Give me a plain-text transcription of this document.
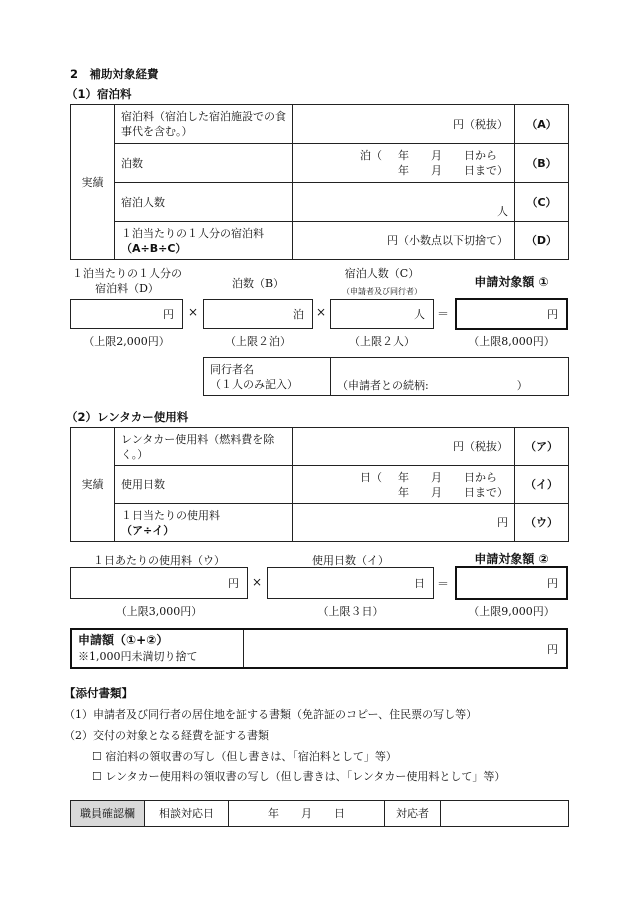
2　補助対象経費
（1）宿泊料
実績	宿泊料（宿泊した宿泊施設での食事代を含む。）	円（税抜）	（A）
	泊数	泊（ 年　　月　　日から
年　　月　　日まで）	（B）
	宿泊人数	人	（C）

	１泊当たりの１人分の宿泊料
（A÷B÷C）	円（小数点以下切捨て）	（D）
１泊当たりの１人分の宿泊料（D）
円
（上限2,000円）
×
泊数（B）
泊
（上限２泊）
×
宿泊人数（C）
（申請者及び同行者）
人
（上限２人）
＝
申請対象額 ①
円
（上限8,000円）
同行者名
（１人のみ記入）	（申請者との続柄:　　　　　　　　）
（2）レンタカー使用料
実績	レンタカー使用料（燃料費を除く。）	円（税抜）	（ア）
	使用日数	日（ 年　　月　　日から
年　　月　　日まで）	（イ）

	１日当たりの使用料
（ア÷イ）	円	（ウ）
１日あたりの使用料（ウ）
円
（上限3,000円）
×
使用日数（イ）
日
（上限３日）
＝
申請対象額 ②
円
（上限9,000円）
申請額（①+②）
※1,000円未満切り捨て
円
【添付書類】
（1）申請者及び同行者の居住地を証する書類（免許証のコピー、住民票の写し等）
（2）交付の対象となる経費を証する書類
☐ 宿泊料の領収書の写し（但し書きは、「宿泊料として」等）
☐ レンタカー使用料の領収書の写し（但し書きは、「レンタカー使用料として」等）
職員確認欄	相談対応日	年　　月　　日	対応者	
